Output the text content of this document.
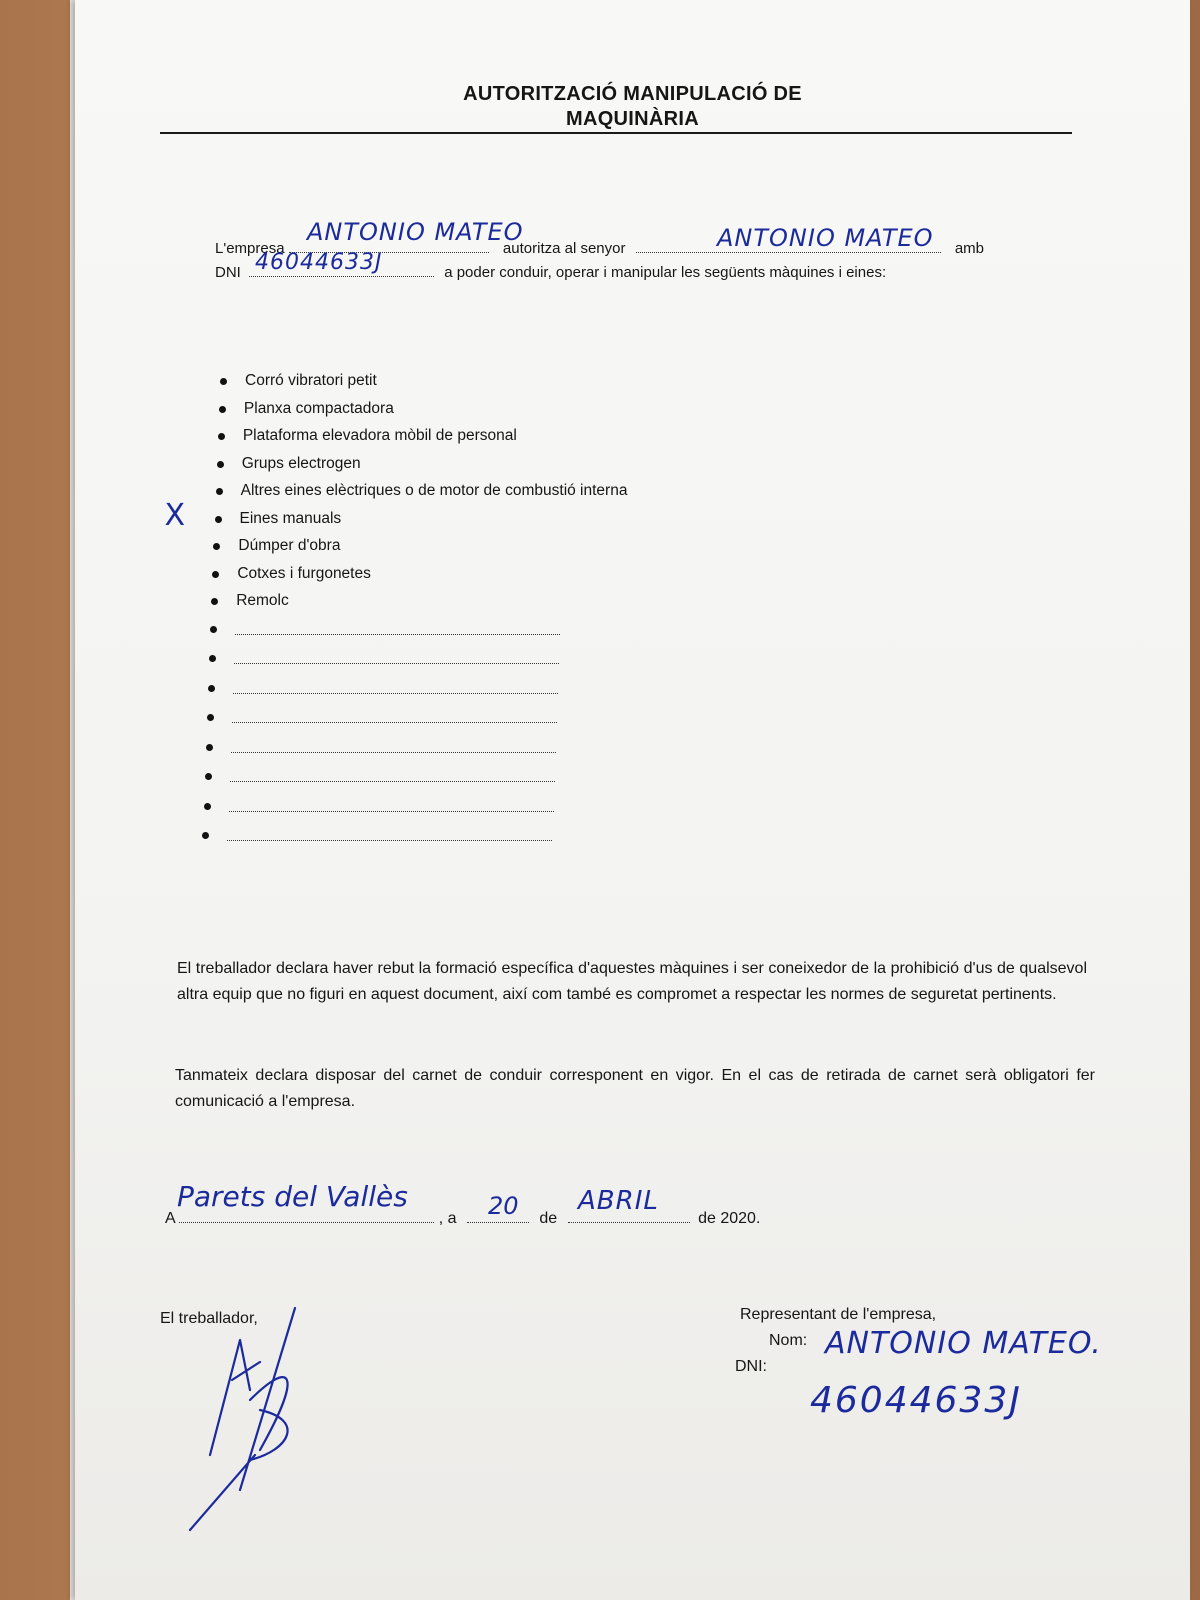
AUTORITZACIÓ MANIPULACIÓ DE
MAQUINÀRIA
L'empresa	autoritza al senyor	amb
ANTONIO MATEO	ANTONIO MATEO
DNI	a poder conduir, operar i manipular les següents màquines i eines:
46044633J
Corró vibratori petit
Planxa compactadora
Plataforma elevadora mòbil de personal
Grups electrogen
Altres eines elèctriques o de motor de combustió interna
Eines manuals
X
Dúmper d'obra
Cotxes i furgonetes
Remolc
El treballador declara haver rebut la formació específica d'aquestes màquines i ser coneixedor de la prohibició d'us de qualsevol altra equip que no figuri en aquest document, així com també es compromet a respectar les normes de seguretat pertinents.
Tanmateix declara disposar del carnet de conduir corresponent en vigor. En el cas de retirada de carnet serà obligatori fer comunicació a l'empresa.
A	, a	de	de 2020.
Parets del Vallès	20 ABRIL
El treballador,	Representant de l'empresa,
Nom:
DNI:
ANTONIO MATEO.
46044633J
